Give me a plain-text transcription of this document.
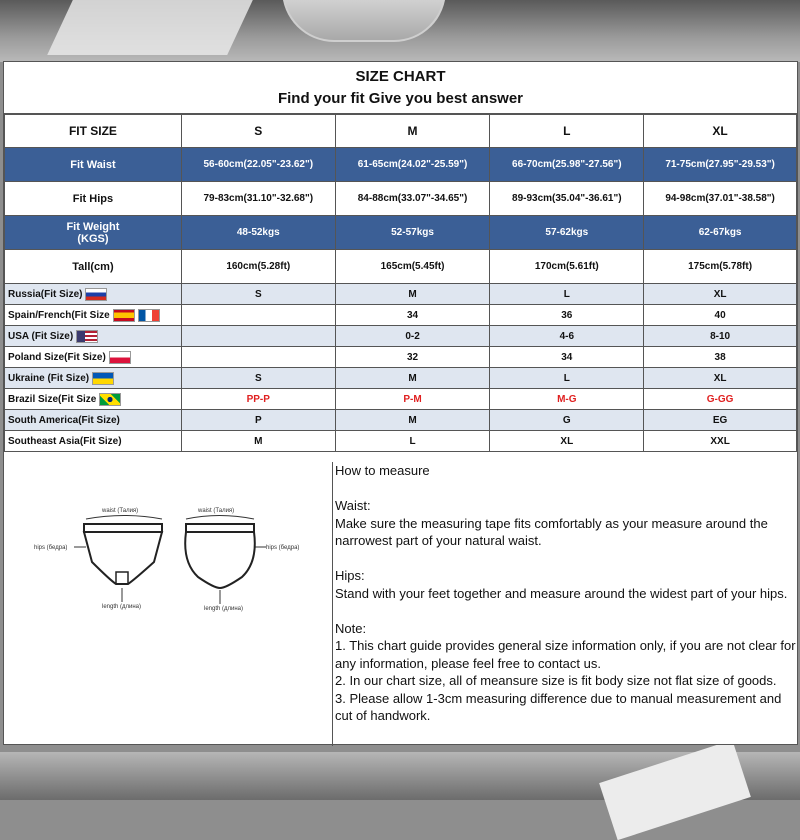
SIZE CHART
Find your fit Give you best answer
FIT SIZE	S	M	L	XL
Fit Waist	56-60cm(22.05"-23.62")	61-65cm(24.02"-25.59")	66-70cm(25.98"-27.56")	71-75cm(27.95"-29.53")
Fit Hips	79-83cm(31.10"-32.68")	84-88cm(33.07"-34.65")	89-93cm(35.04"-36.61")	94-98cm(37.01"-38.58")
Fit Weight
(KGS)	48-52kgs	52-57kgs	57-62kgs	62-67kgs
Tall(cm)	160cm(5.28ft)	165cm(5.45ft)	170cm(5.61ft)	175cm(5.78ft)
Russia(Fit Size)	S	M	L	XL
Spain/French(Fit Size		34	36	40
USA (Fit Size)		0-2	4-6	8-10
Poland Size(Fit Size)		32	34	38
Ukraine (Fit Size)	S	M	L	XL
Brazil Size(Fit Size	PP-P	P-M	M-G	G-GG
South America(Fit Size)	P	M	G	EG
Southeast Asia(Fit Size)	M	L	XL	XXL
waist (Талия)	waist (Талия)
hips (бедра)	hips (бедра)
length (длина)	length (длина)

How to measure

Waist:

Make sure the measuring tape fits comfortably as your measure around the narrowest part of your natural waist.

Hips:

Stand with your feet together and measure around the widest part of your hips.

Note:

1. This chart guide provides general size information only, if you are not clear for any information, please feel free to contact us.

2. In our chart size, all of meansure size is fit body size not flat size of goods.

3. Please allow 1-3cm measuring difference due to manual measurement and cut of handwork.
